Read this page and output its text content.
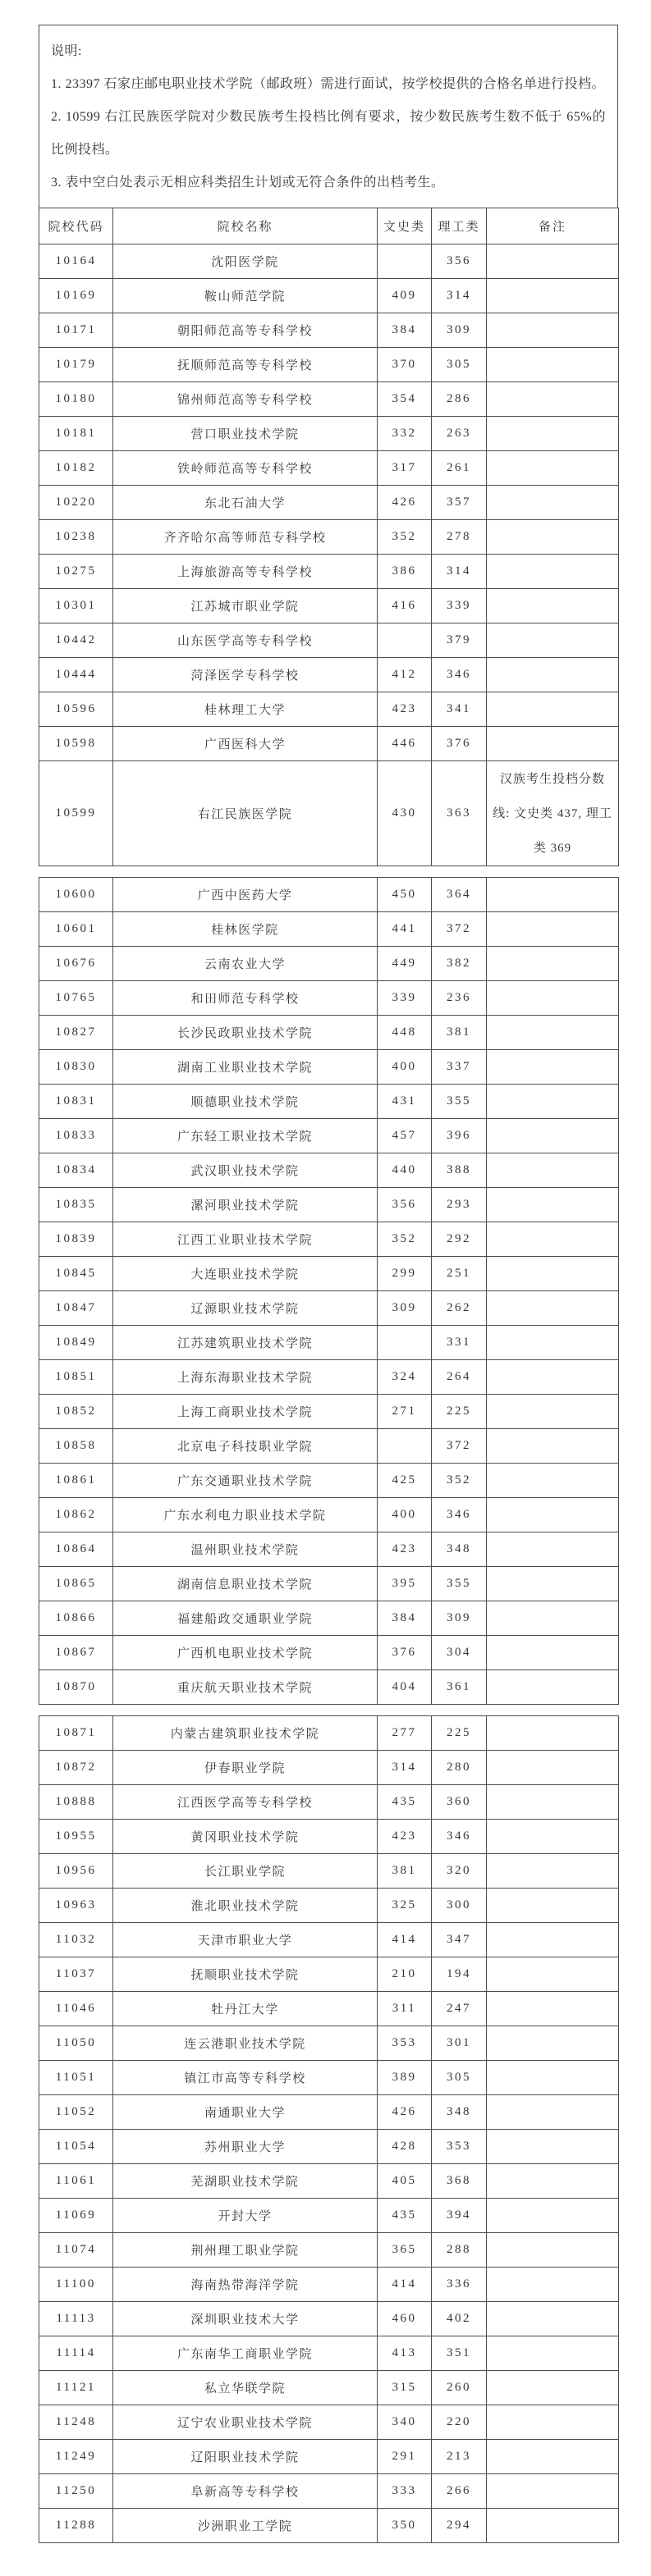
说明:

1. 23397 石家庄邮电职业技术学院（邮政班）需进行面试，按学校提供的合格名单进行投档。

2. 10599 右江民族医学院对少数民族考生投档比例有要求，按少数民族考生数不低于 65%的比例投档。

3. 表中空白处表示无相应科类招生计划或无符合条件的出档考生。

院校代码	院校名称	文史类	理工类	备注
10164	沈阳医学院		356	
10169	鞍山师范学院	409	314	
10171	朝阳师范高等专科学校	384	309	
10179	抚顺师范高等专科学校	370	305	
10180	锦州师范高等专科学校	354	286	
10181	营口职业技术学院	332	263	
10182	铁岭师范高等专科学校	317	261	
10220	东北石油大学	426	357	
10238	齐齐哈尔高等师范专科学校	352	278	
10275	上海旅游高等专科学校	386	314	
10301	江苏城市职业学院	416	339	
10442	山东医学高等专科学校		379	
10444	菏泽医学专科学校	412	346	
10596	桂林理工大学	423	341	
10598	广西医科大学	446	376	
10599	右江民族医学院	430	363	汉族考生投档分数线: 文史类 437, 理工类 369
10600	广西中医药大学	450	364	
10601	桂林医学院	441	372	
10676	云南农业大学	449	382	
10765	和田师范专科学校	339	236	
10827	长沙民政职业技术学院	448	381	
10830	湖南工业职业技术学院	400	337	
10831	顺德职业技术学院	431	355	
10833	广东轻工职业技术学院	457	396	
10834	武汉职业技术学院	440	388	
10835	漯河职业技术学院	356	293	
10839	江西工业职业技术学院	352	292	
10845	大连职业技术学院	299	251	
10847	辽源职业技术学院	309	262	
10849	江苏建筑职业技术学院		331	
10851	上海东海职业技术学院	324	264	
10852	上海工商职业技术学院	271	225	
10858	北京电子科技职业学院		372	
10861	广东交通职业技术学院	425	352	
10862	广东水利电力职业技术学院	400	346	
10864	温州职业技术学院	423	348	
10865	湖南信息职业技术学院	395	355	
10866	福建船政交通职业学院	384	309	
10867	广西机电职业技术学院	376	304	
10870	重庆航天职业技术学院	404	361	
10871	内蒙古建筑职业技术学院	277	225	
10872	伊春职业学院	314	280	
10888	江西医学高等专科学校	435	360	
10955	黄冈职业技术学院	423	346	
10956	长江职业学院	381	320	
10963	淮北职业技术学院	325	300	
11032	天津市职业大学	414	347	
11037	抚顺职业技术学院	210	194	
11046	牡丹江大学	311	247	
11050	连云港职业技术学院	353	301	
11051	镇江市高等专科学校	389	305	
11052	南通职业大学	426	348	
11054	苏州职业大学	428	353	
11061	芜湖职业技术学院	405	368	
11069	开封大学	435	394	
11074	荆州理工职业学院	365	288	
11100	海南热带海洋学院	414	336	
11113	深圳职业技术大学	460	402	
11114	广东南华工商职业学院	413	351	
11121	私立华联学院	315	260	
11248	辽宁农业职业技术学院	340	220	
11249	辽阳职业技术学院	291	213	
11250	阜新高等专科学校	333	266	
11288	沙洲职业工学院	350	294	
